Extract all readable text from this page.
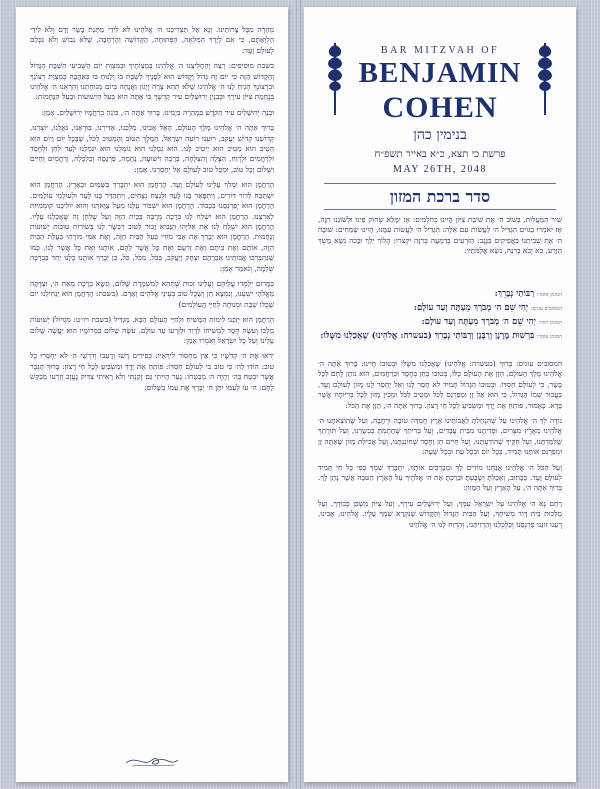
מְהֵרָה מִכָּל צָרוֹתֵינוּ. וְנָא אַל תַּצְרִיכֵנוּ ה׳ אֱלֹהֵינוּ לֹא לִידֵי מַתְּנַת בָּשָׂר וָדָם וְלֹא לִידֵי הַלְוָאָתָם, כִּי אִם לְיָדְךָ הַמְּלֵאָה, הַפְּתוּחָה, הַקְּדוֹשָׁה וְהָרְחָבָה, שֶׁלֹּא נֵבוֹשׁ וְלֹא נִכָּלֵם לְעוֹלָם וָעֶד:

בשבת מוסיפים: רְצֵה וְהַחֲלִיצֵנוּ ה׳ אֱלֹהֵינוּ בְּמִצְוֹתֶיךָ וּבְמִצְוַת יוֹם הַשְּׁבִיעִי הַשַּׁבָּת הַגָּדוֹל וְהַקָּדוֹשׁ הַזֶּה כִּי יוֹם זֶה גָּדוֹל וְקָדוֹשׁ הוּא לְפָנֶיךָ לִשְׁבָּת בּוֹ וְלָנוּחַ בּוֹ בְּאַהֲבָה כְּמִצְוַת רְצוֹנֶךָ וּבִרְצוֹנְךָ הָנִיחַ לָנוּ ה׳ אֱלֹהֵינוּ שֶׁלֹּא תְהֵא צָרָה וְיָגוֹן וַאֲנָחָה בְּיוֹם מְנוּחָתֵנוּ וְהַרְאֵנוּ ה׳ אֱלֹהֵינוּ בְּנֶחָמַת צִיּוֹן עִירֶךָ וּבְבִנְיַן יְרוּשָׁלַיִם עִיר קָדְשֶׁךָ כִּי אַתָּה הוּא בַּעַל הַיְשׁוּעוֹת וּבַעַל הַנֶּחָמוֹת:

וּבְנֵה יְרוּשָׁלַיִם עִיר הַקֹּדֶשׁ בִּמְהֵרָה בְיָמֵינוּ. בָּרוּךְ אַתָּה ה׳, בּוֹנֵה בְרַחֲמָיו יְרוּשָׁלָיִם. אָמֵן:

בָּרוּךְ אַתָּה ה׳ אֱלֹהֵינוּ מֶלֶךְ הָעוֹלָם, הָאֵל אָבִינוּ, מַלְכֵּנוּ, אַדִּירֵנוּ, בּוֹרְאֵנוּ, גֹּאֲלֵנוּ, יוֹצְרֵנוּ, קְדוֹשֵׁנוּ קְדוֹשׁ יַעֲקֹב, רוֹעֵנוּ רוֹעֵה יִשְׂרָאֵל, הַמֶּלֶךְ הַטּוֹב וְהַמֵּטִיב לַכֹּל, שֶׁבְּכָל יוֹם וָיוֹם הוּא הֵטִיב הוּא מֵטִיב הוּא יֵיטִיב לָנוּ. הוּא גְמָלָנוּ הוּא גוֹמְלֵנוּ הוּא יִגְמְלֵנוּ לָעַד לְחֵן וּלְחֶסֶד וּלְרַחֲמִים וּלְרֶוַח, הַצָּלָה וְהַצְלָחָה, בְּרָכָה וִישׁוּעָה, נֶחָמָה, פַּרְנָסָה וְכַלְכָּלָה, וְרַחֲמִים וְחַיִּים וְשָׁלוֹם וְכָל טוֹב, וּמִכָּל טוּב לְעוֹלָם אַל יְחַסְּרֵנוּ. אָמֵן:

הָרַחֲמָן הוּא יִמְלֹךְ עָלֵינוּ לְעוֹלָם וָעֶד. הָרַחֲמָן הוּא יִתְבָּרַךְ בַּשָּׁמַיִם וּבָאָרֶץ. הָרַחֲמָן הוּא יִשְׁתַּבַּח לְדוֹר דּוֹרִים, וְיִתְפָּאַר בָּנוּ לָעַד וּלְנֵצַח נְצָחִים, וְיִתְהַדַּר בָּנוּ לָעַד וּלְעוֹלְמֵי עוֹלָמִים. הָרַחֲמָן הוּא יְפַרְנְסֵנוּ בְּכָבוֹד. הָרַחֲמָן הוּא יִשְׁבּוֹר עֻלֵּנוּ מֵעַל צַוָּארֵנוּ וְהוּא יוֹלִיכֵנוּ קוֹמְמִיּוּת לְאַרְצֵנוּ. הָרַחֲמָן הוּא יִשְׁלַח לָנוּ בְּרָכָה מְרֻבָּה בַּבַּיִת הַזֶּה וְעַל שֻׁלְחָן זֶה שֶׁאָכַלְנוּ עָלָיו. הָרַחֲמָן הוּא יִשְׁלַח לָנוּ אֶת אֵלִיָּהוּ הַנָּבִיא זָכוּר לַטּוֹב וִיבַשֶּׂר לָנוּ בְּשׂוֹרוֹת טוֹבוֹת יְשׁוּעוֹת וְנֶחָמוֹת. הָרַחֲמָן הוּא יְבָרֵךְ אֶת אָבִי מוֹרִי בַּעַל הַבַּיִת הַזֶּה, וְאֶת אִמִּי מוֹרָתִי בַּעֲלַת הַבַּיִת הַזֶּה, אוֹתָם וְאֶת בֵּיתָם וְאֶת זַרְעָם וְאֶת כָּל אֲשֶׁר לָהֶם, אוֹתָנוּ וְאֶת כָּל אֲשֶׁר לָנוּ, כְּמוֹ שֶׁנִּתְבָּרְכוּ אֲבוֹתֵינוּ אַבְרָהָם יִצְחָק וְיַעֲקֹב, בַּכֹּל, מִכֹּל, כֹּל, כֵּן יְבָרֵךְ אוֹתָנוּ כֻּלָּנוּ יַחַד בִּבְרָכָה שְׁלֵמָה, וְנֹאמַר אָמֵן:

בַּמָּרוֹם יְלַמְּדוּ עֲלֵיהֶם וְעָלֵינוּ זְכוּת שֶׁתְּהֵא לְמִשְׁמֶרֶת שָׁלוֹם, וְנִשָּׂא בְרָכָה מֵאֵת ה׳, וּצְדָקָה מֵאֱלֹהֵי יִשְׁעֵנוּ, וְנִמְצָא חֵן וְשֵׂכֶל טוֹב בְּעֵינֵי אֱלֹהִים וְאָדָם. (בשבת: הָרַחֲמָן הוּא יַנְחִילֵנוּ יוֹם שֶׁכֻּלּוֹ שַׁבָּת וּמְנוּחָה לְחַיֵּי הָעוֹלָמִים)

הָרַחֲמָן הוּא יְזַכֵּנוּ לִימוֹת הַמָּשִׁיחַ וּלְחַיֵּי הָעוֹלָם הַבָּא. מַגְדִּיל (בשבת ויו״ט: מִגְדּוֹל) יְשׁוּעוֹת מַלְכּוֹ וְעֹשֶׂה חֶסֶד לִמְשִׁיחוֹ לְדָוִד וּלְזַרְעוֹ עַד עוֹלָם. עֹשֶׂה שָׁלוֹם בִּמְרוֹמָיו הוּא יַעֲשֶׂה שָׁלוֹם עָלֵינוּ וְעַל כָּל יִשְׂרָאֵל וְאִמְרוּ אָמֵן:

יְראוּ אֶת ה׳ קְדֹשָׁיו כִּי אֵין מַחְסוֹר לִירֵאָיו: כְּפִירִים רָשׁוּ וְרָעֵבוּ וְדֹרְשֵׁי ה׳ לֹא יַחְסְרוּ כָל טוֹב: הוֹדוּ לַה׳ כִּי טוֹב כִּי לְעוֹלָם חַסְדּוֹ: פּוֹתֵחַ אֶת יָדֶךָ וּמַשְׂבִּיעַ לְכָל חַי רָצוֹן: בָּרוּךְ הַגֶּבֶר אֲשֶׁר יִבְטַח בַּה׳ וְהָיָה ה׳ מִבְטַחוֹ: נַעַר הָיִיתִי גַּם זָקַנְתִּי וְלֹא רָאִיתִי צַדִּיק נֶעֱזָב וְזַרְעוֹ מְבַקֶּשׁ לָחֶם: ה׳ עֹז לְעַמּוֹ יִתֵּן ה׳ יְבָרֵךְ אֶת עַמּוֹ בַשָּׁלוֹם:

BAR MITZVAH OF
BENJAMIN
COHEN
בנימין כהן
פרשת כי תצא, כ״א באייר תשפ״ח
MAY 26TH, 2048
סדר ברכת המזון

שִׁיר הַמַּעֲלוֹת, בְּשׁוּב ה׳ אֶת שִׁיבַת צִיּוֹן הָיִינוּ כְּחֹלְמִים: אָז יִמָּלֵא שְׂחוֹק פִּינוּ וּלְשׁוֹנֵנוּ רִנָּה, אָז יֹאמְרוּ בַגּוֹיִם הִגְדִּיל ה׳ לַעֲשׂוֹת עִם אֵלֶּה: הִגְדִּיל ה׳ לַעֲשׂוֹת עִמָּנוּ, הָיִינוּ שְׂמֵחִים: שׁוּבָה ה׳ אֶת שְׁבִיתֵנוּ כַּאֲפִיקִים בַּנֶּגֶב: הַזֹּרְעִים בְּדִמְעָה בְּרִנָּה יִקְצֹרוּ: הָלוֹךְ יֵלֵךְ וּבָכֹה נֹשֵׂא מֶשֶׁךְ הַזָּרַע, בֹּא יָבֹא בְרִנָּה, נֹשֵׂא אֲלֻמֹּתָיו:

המזמן אומר: רַבּוֹתַי נְבָרֵךְ:
המסובים עונים: יְהִי שֵׁם ה׳ מְבֹרָךְ מֵעַתָּה וְעַד עוֹלָם:
המזמן חוזר: יְהִי שֵׁם ה׳ מְבֹרָךְ מֵעַתָּה וְעַד עוֹלָם:
המזמן אומר: בִּרְשׁוּת מָרָנָן וְרַבָּנָן וְרַבּוֹתַי נְבָרֵךְ (בעשרה: אֱלֹהֵינוּ) שֶׁאָכַלְנוּ מִשֶּׁלּוֹ:

המסובים עונים: בָּרוּךְ (בעשרה: אֱלֹהֵינוּ) שֶׁאָכַלְנוּ מִשֶּׁלּוֹ וּבְטוּבוֹ חָיִינוּ: בָּרוּךְ אַתָּה ה׳ אֱלֹהֵינוּ מֶלֶךְ הָעוֹלָם, הַזָּן אֶת הָעוֹלָם כֻּלּוֹ, בְּטוּבוֹ בְּחֵן בְּחֶסֶד וּבְרַחֲמִים, הוּא נוֹתֵן לֶחֶם לְכָל בָּשָׂר, כִּי לְעוֹלָם חַסְדּוֹ. וּבְטוּבוֹ הַגָּדוֹל תָּמִיד לֹא חָסַר לָנוּ וְאַל יֶחְסַר לָנוּ מָזוֹן לְעוֹלָם וָעֶד, בַּעֲבוּר שְׁמוֹ הַגָּדוֹל, כִּי הוּא אֵל זָן וּמְפַרְנֵס לַכֹּל וּמֵטִיב לַכֹּל וּמֵכִין מָזוֹן לְכָל בְּרִיּוֹתָיו אֲשֶׁר בָּרָא. כָּאָמוּר, פּוֹתֵחַ אֶת יָדֶךָ וּמַשְׂבִּיעַ לְכָל חַי רָצוֹן. בָּרוּךְ אַתָּה ה׳, הַזָּן אֶת הַכֹּל:

נוֹדֶה לְּךָ ה׳ אֱלֹהֵינוּ עַל שֶׁהִנְחַלְתָּ לַאֲבוֹתֵינוּ אֶרֶץ חֶמְדָּה טוֹבָה וּרְחָבָה, וְעַל שֶׁהוֹצֵאתָנוּ ה׳ אֱלֹהֵינוּ מֵאֶרֶץ מִצְרַיִם, וּפְדִיתָנוּ מִבֵּית עֲבָדִים, וְעַל בְּרִיתְךָ שֶׁחָתַמְתָּ בִּבְשָׂרֵנוּ, וְעַל תּוֹרָתְךָ שֶׁלִּמַּדְתָּנוּ, וְעַל חֻקֶּיךָ שֶׁהוֹדַעְתָּנוּ, וְעַל חַיִּים חֵן וָחֶסֶד שֶׁחוֹנַנְתָּנוּ, וְעַל אֲכִילַת מָזוֹן שָׁאַתָּה זָן וּמְפַרְנֵס אוֹתָנוּ תָּמִיד, בְּכָל יוֹם וּבְכָל עֵת וּבְכָל שָׁעָה:

וְעַל הַכֹּל ה׳ אֱלֹהֵינוּ אֲנַחְנוּ מוֹדִים לָךְ וּמְבָרְכִים אוֹתָךְ, יִתְבָּרַךְ שִׁמְךָ בְּפִי כָּל חַי תָּמִיד לְעוֹלָם וָעֶד. כַּכָּתוּב, וְאָכַלְתָּ וְשָׂבָעְתָּ וּבֵרַכְתָּ אֶת ה׳ אֱלֹהֶיךָ עַל הָאָרֶץ הַטֹּבָה אֲשֶׁר נָתַן לָךְ. בָּרוּךְ אַתָּה ה׳, עַל הָאָרֶץ וְעַל הַמָּזוֹן:

רַחֵם נָא ה׳ אֱלֹהֵינוּ עַל יִשְׂרָאֵל עַמֶּךָ, וְעַל יְרוּשָׁלַיִם עִירֶךָ, וְעַל צִיּוֹן מִשְׁכַּן כְּבוֹדֶךָ, וְעַל מַלְכוּת בֵּית דָּוִד מְשִׁיחֶךָ, וְעַל הַבַּיִת הַגָּדוֹל וְהַקָּדוֹשׁ שֶׁנִּקְרָא שִׁמְךָ עָלָיו. אֱלֹהֵינוּ, אָבִינוּ, רְעֵנוּ זוּנֵנוּ פַרְנְסֵנוּ וְכַלְכְּלֵנוּ וְהַרְוִיחֵנוּ, וְהַרְוַח לָנוּ ה׳ אֱלֹהֵינוּ
